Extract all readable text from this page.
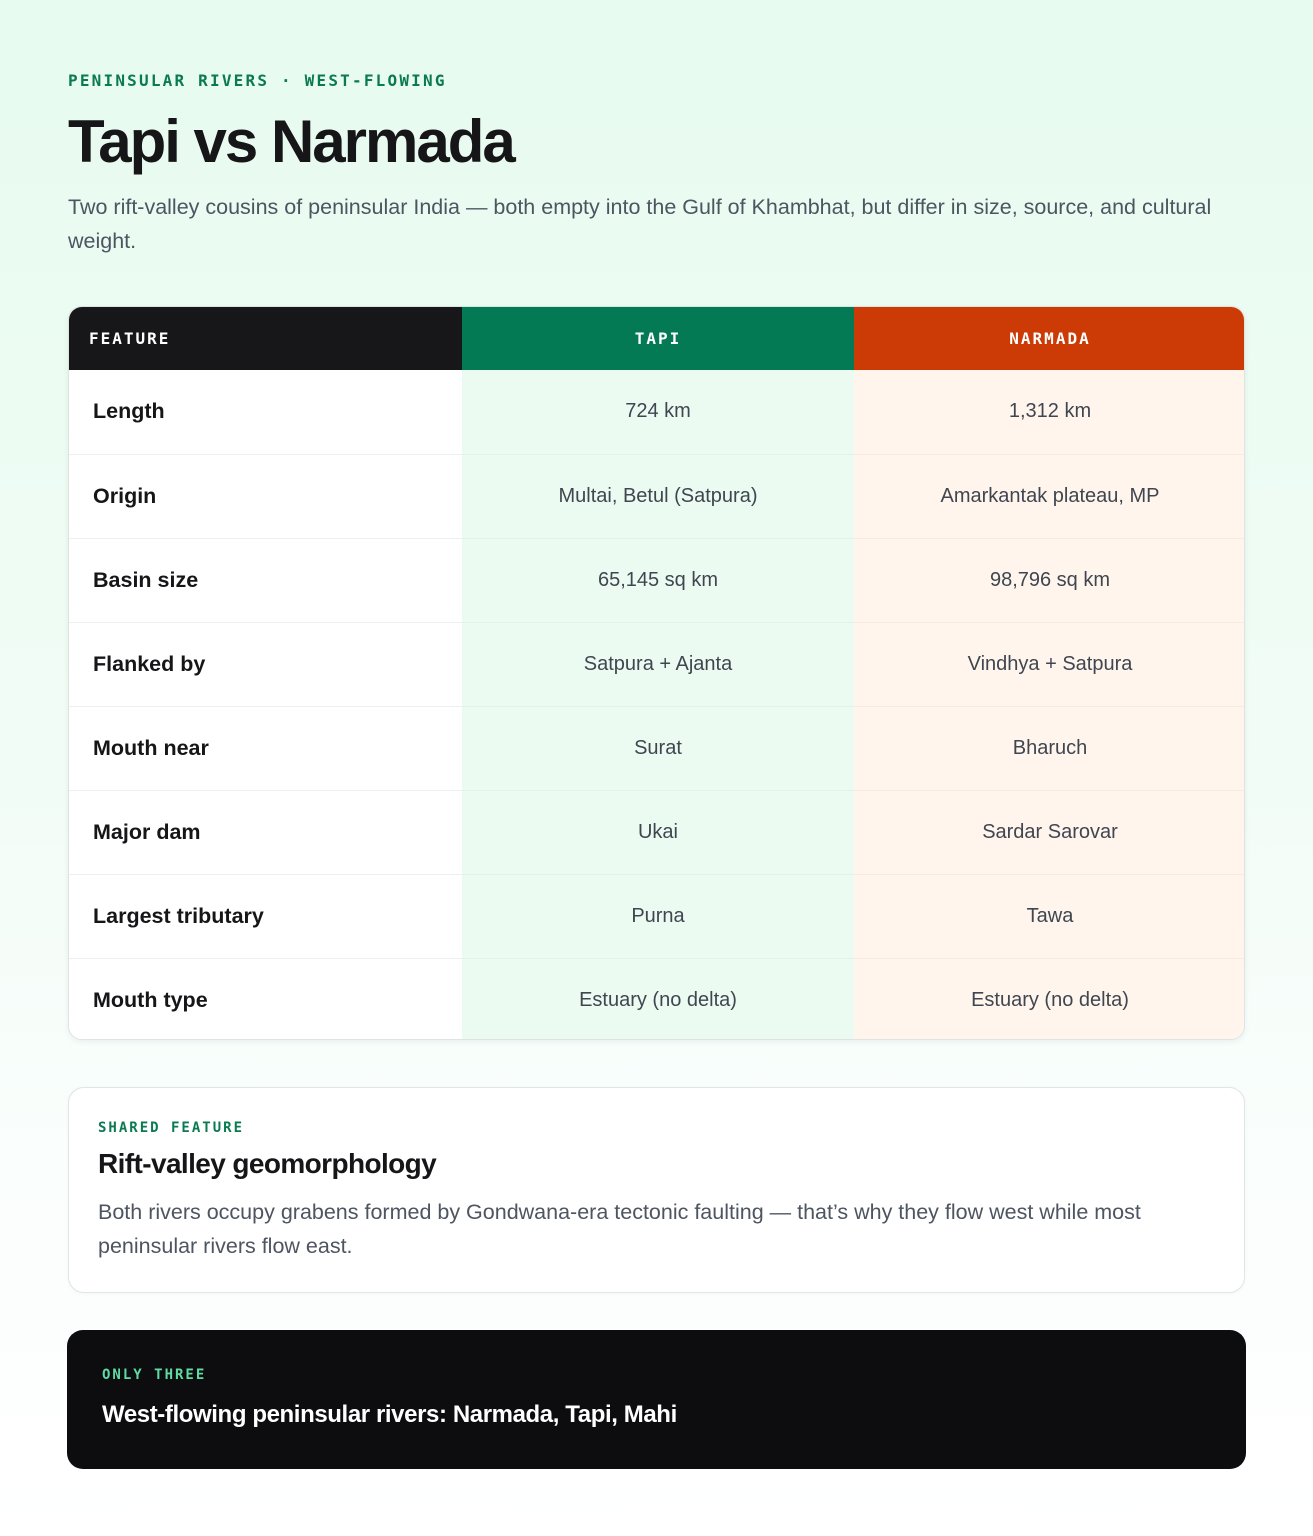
PENINSULAR RIVERS · WEST-FLOWING
Tapi vs Narmada

Two rift-valley cousins of peninsular India — both empty into the Gulf of Khambhat, but differ in size, source, and cultural weight.

FEATURE	TAPI	NARMADA
Length	724 km	1,312 km
Origin	Multai, Betul (Satpura)	Amarkantak plateau, MP
Basin size	65,145 sq km	98,796 sq km
Flanked by	Satpura + Ajanta	Vindhya + Satpura
Mouth near	Surat	Bharuch
Major dam	Ukai	Sardar Sarovar
Largest tributary	Purna	Tawa
Mouth type	Estuary (no delta)	Estuary (no delta)
SHARED FEATURE
Rift-valley geomorphology

Both rivers occupy grabens formed by Gondwana-era tectonic faulting — that’s why they flow west while most peninsular rivers flow east.

ONLY THREE
West-flowing peninsular rivers: Narmada, Tapi, Mahi
